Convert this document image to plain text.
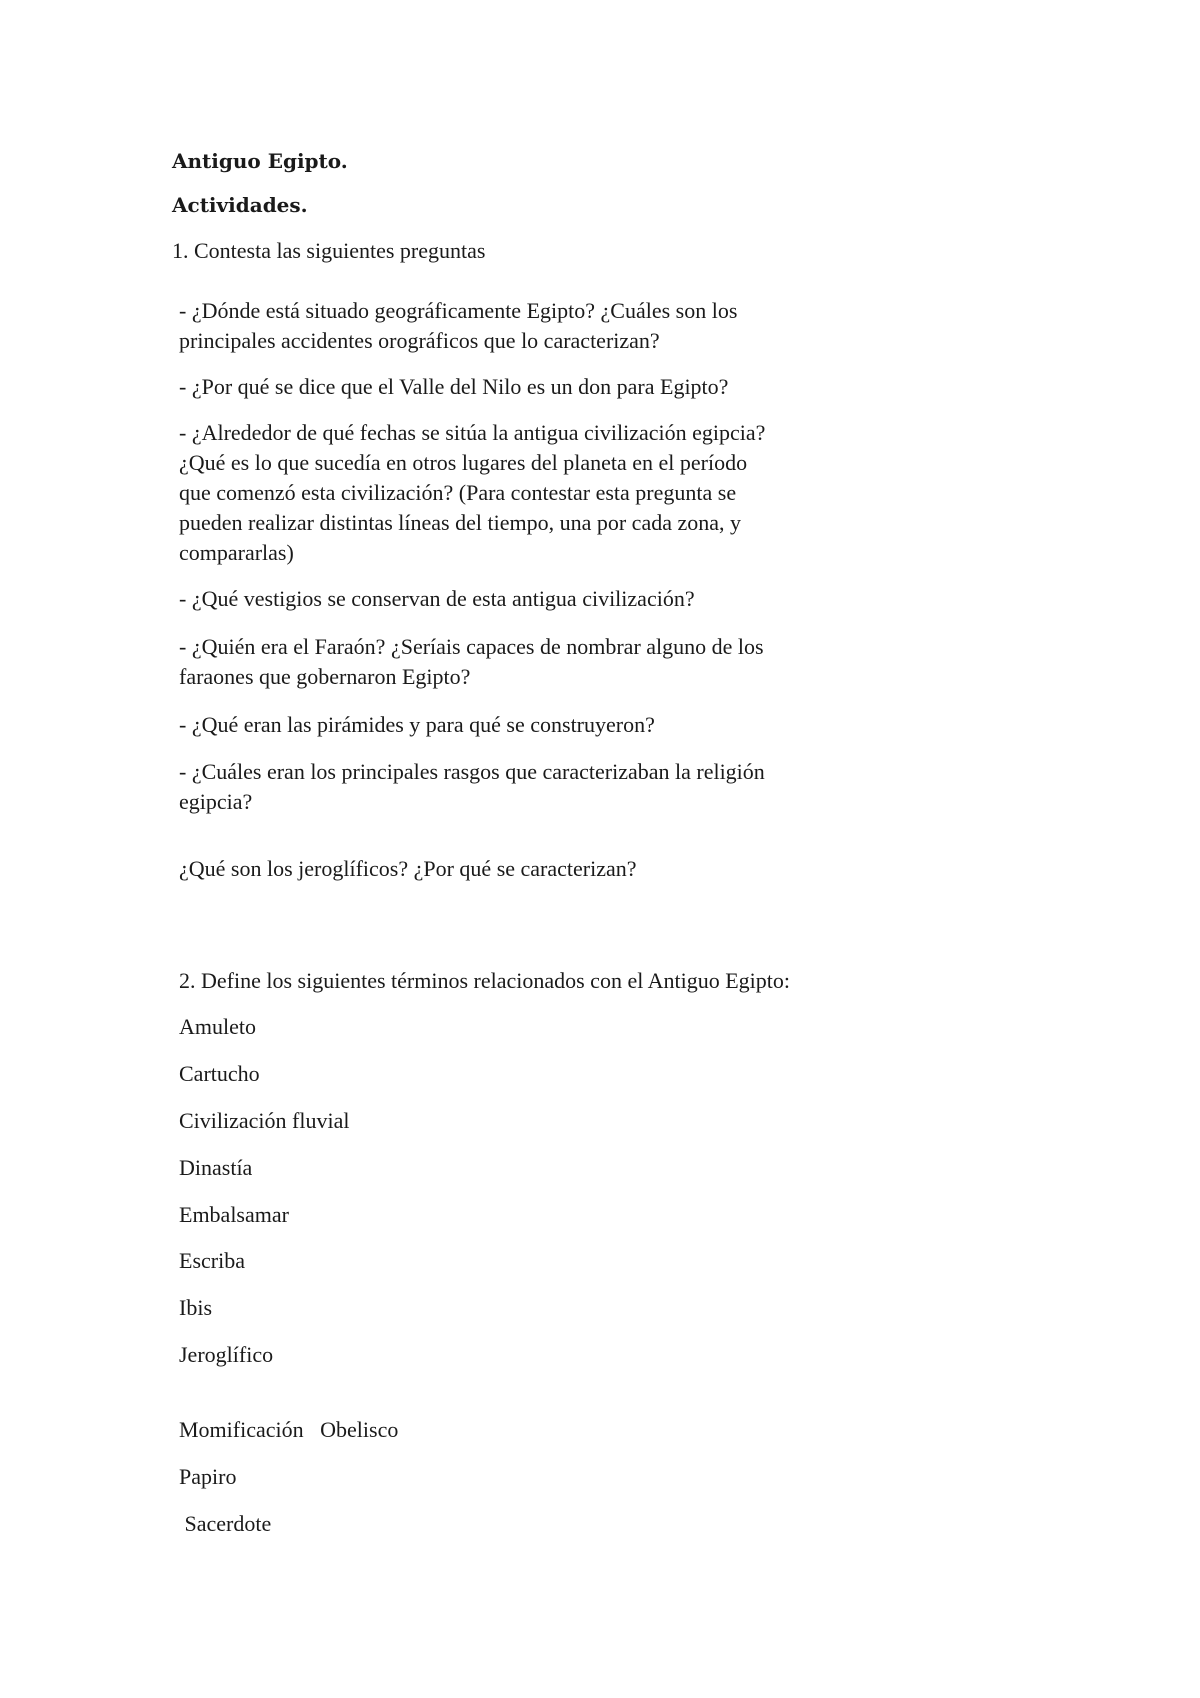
Antiguo Egipto.
Actividades.
1. Contesta las siguientes preguntas
- ¿Dónde está situado geográficamente Egipto? ¿Cuáles son los
principales accidentes orográficos que lo caracterizan?
- ¿Por qué se dice que el Valle del Nilo es un don para Egipto?
- ¿Alrededor de qué fechas se sitúa la antigua civilización egipcia?
¿Qué es lo que sucedía en otros lugares del planeta en el período
que comenzó esta civilización? (Para contestar esta pregunta se
pueden realizar distintas líneas del tiempo, una por cada zona, y
compararlas)
- ¿Qué vestigios se conservan de esta antigua civilización?
- ¿Quién era el Faraón? ¿Seríais capaces de nombrar alguno de los
faraones que gobernaron Egipto?
- ¿Qué eran las pirámides y para qué se construyeron?
- ¿Cuáles eran los principales rasgos que caracterizaban la religión
egipcia?
¿Qué son los jeroglíficos? ¿Por qué se caracterizan?
2. Define los siguientes términos relacionados con el Antiguo Egipto:
Amuleto
Cartucho
Civilización fluvial
Dinastía
Embalsamar
Escriba
Ibis
Jeroglífico
Momificación   Obelisco
Papiro
Sacerdote
